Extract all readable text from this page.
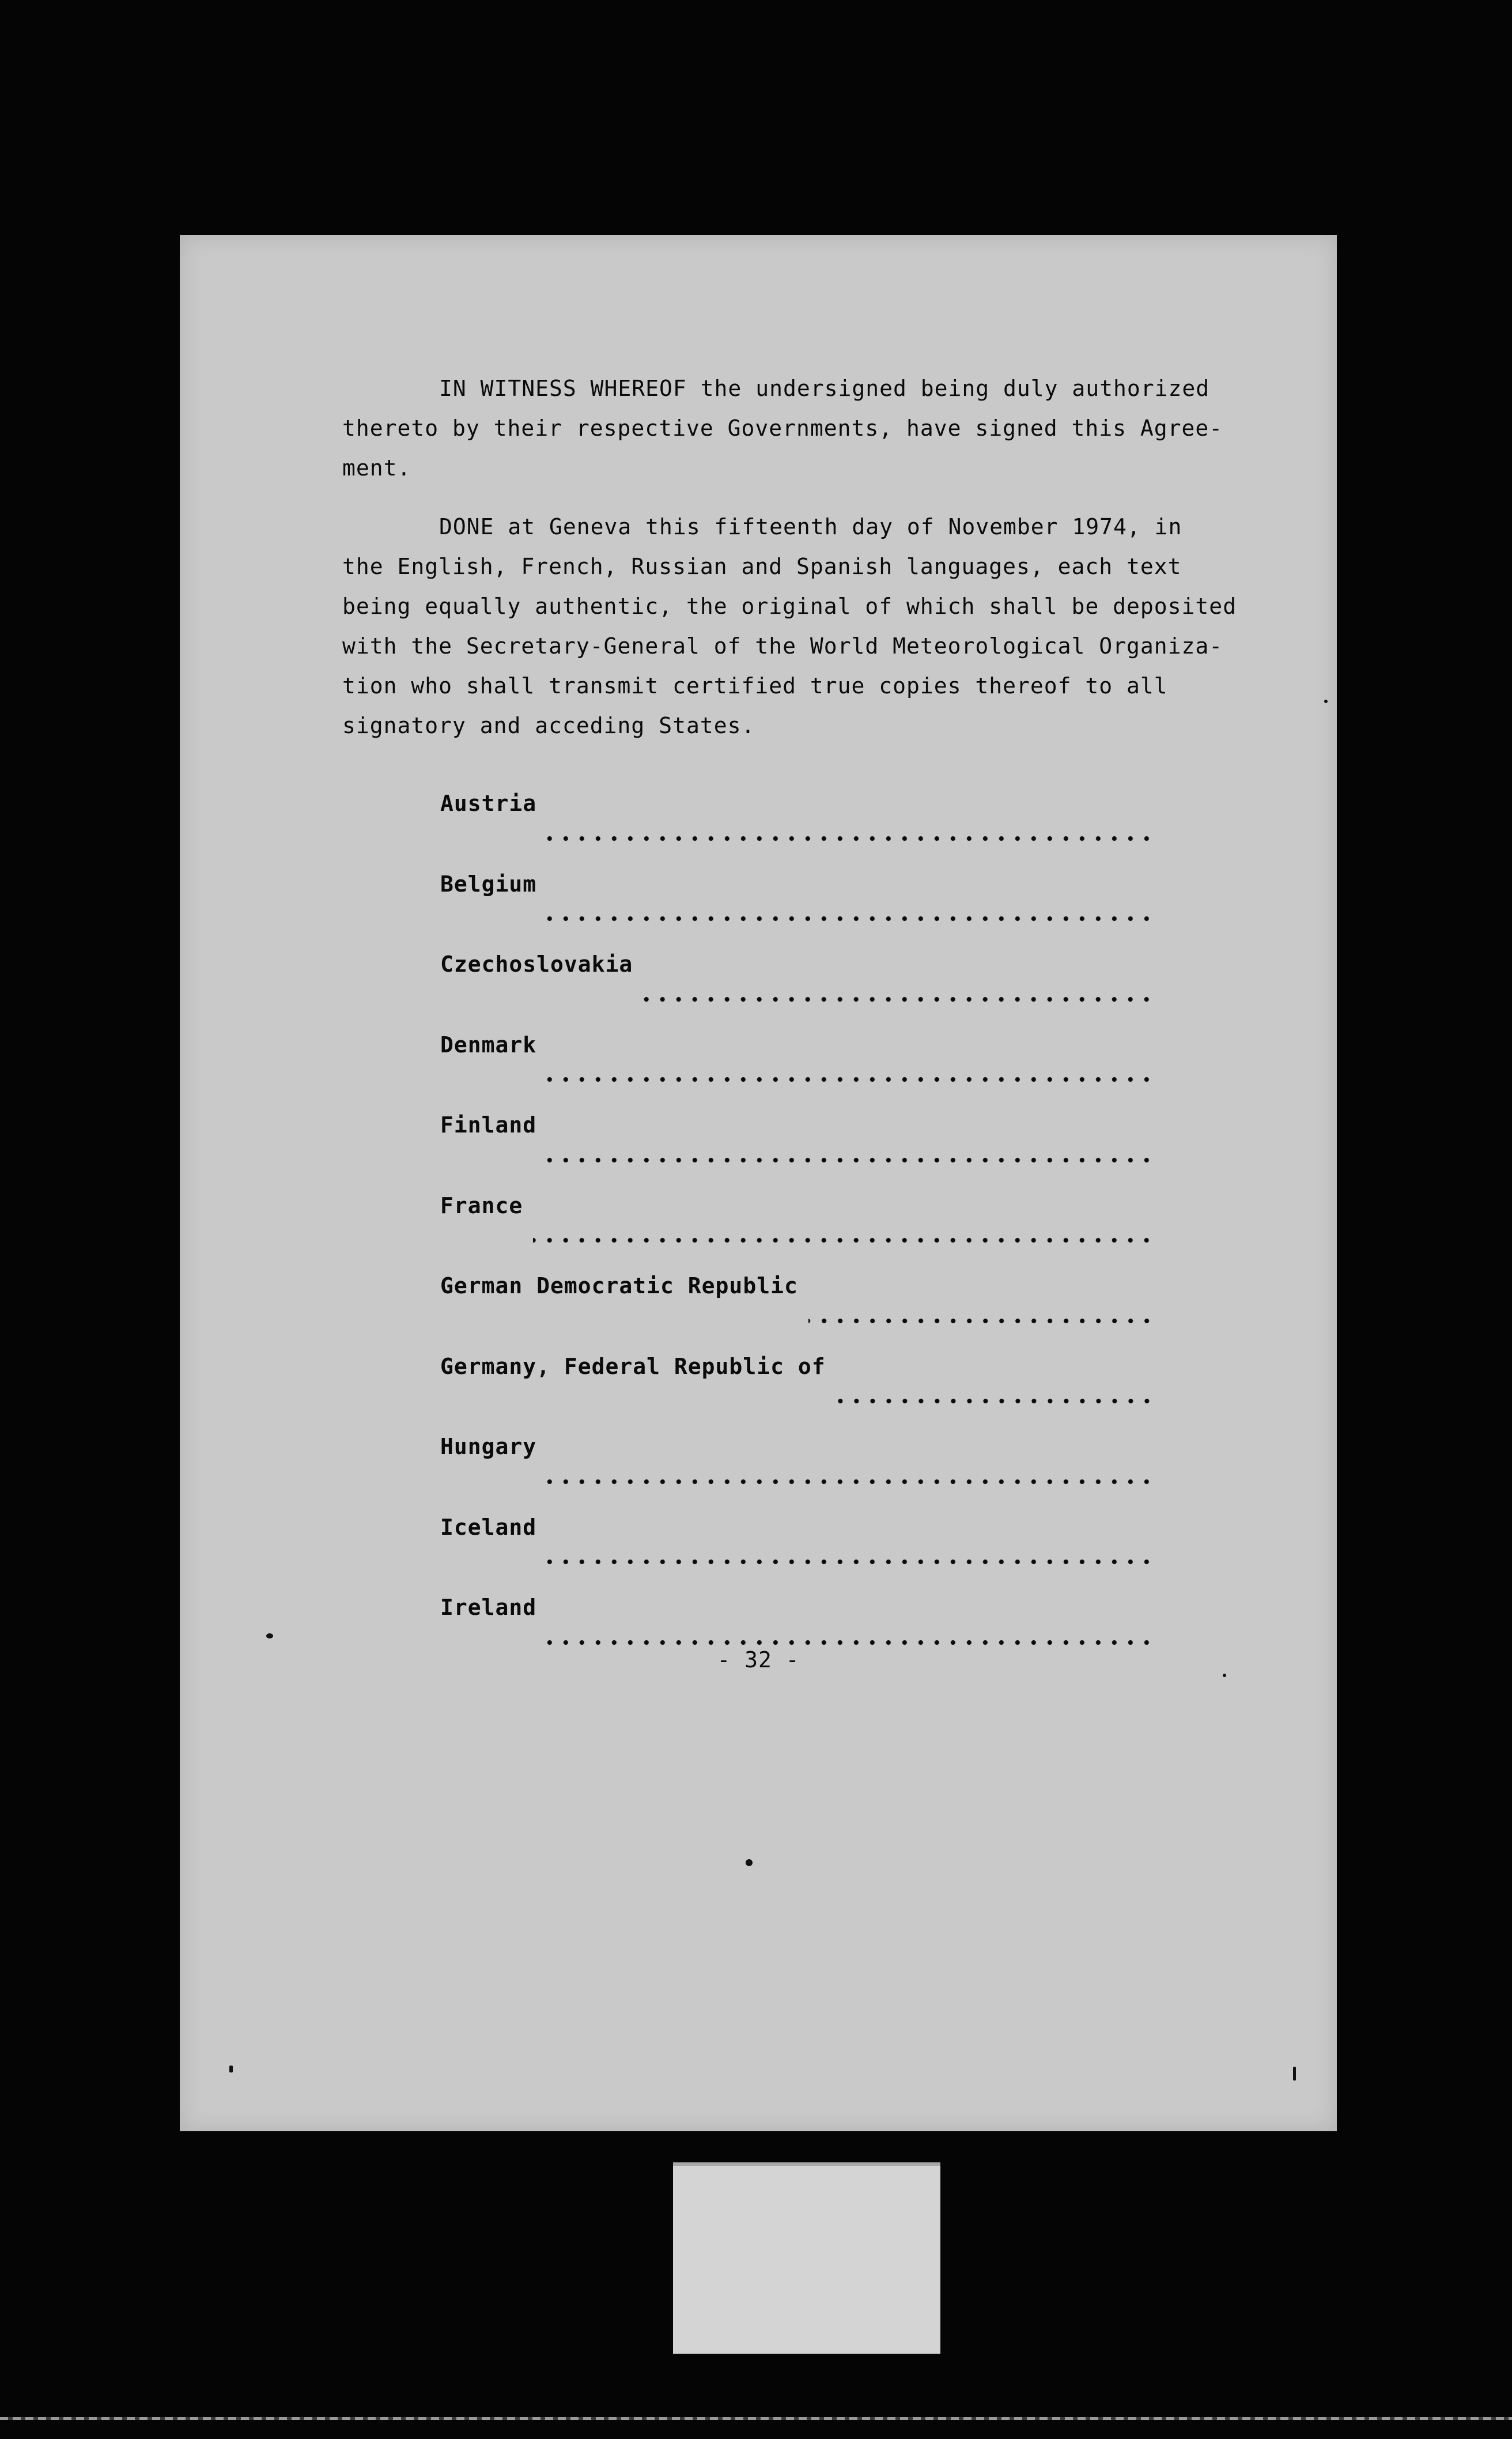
IN WITNESS WHEREOF the undersigned being duly authorized

thereto by their respective Governments, have signed this Agree-

ment.

DONE at Geneva this fifteenth day of November 1974, in

the English, French, Russian and Spanish languages, each text

being equally authentic, the original of which shall be deposited

with the Secretary-General of the World Meteorological Organiza-

tion who shall transmit certified true copies thereof to all

signatory and acceding States.

Austria
Belgium
Czechoslovakia
Denmark
Finland
France
German Democratic Republic
Germany, Federal Republic of
Hungary
Iceland
Ireland
- 32 -
